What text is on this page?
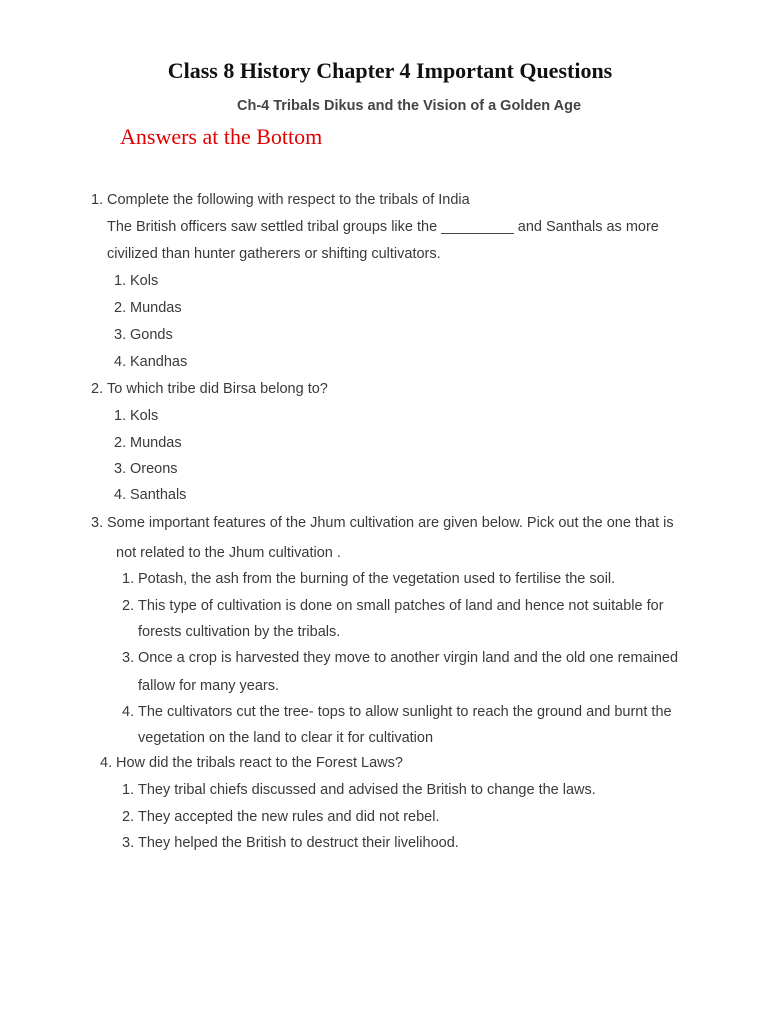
Class 8 History Chapter 4 Important Questions
Ch-4 Tribals Dikus and the Vision of a Golden Age
Answers at the Bottom
1. Complete the following with respect to the tribals of India
The British officers saw settled tribal groups like the _________ and Santhals as more
civilized than hunter gatherers or shifting cultivators.
1. Kols
2. Mundas
3. Gonds
4. Kandhas
2. To which tribe did Birsa belong to?
1. Kols
2. Mundas
3. Oreons
4. Santhals
3. Some important features of the Jhum cultivation are given below. Pick out the one that is
not related to the Jhum cultivation .
1. Potash, the ash from the burning of the vegetation used to fertilise the soil.
2. This type of cultivation is done on small patches of land and hence not suitable for
forests cultivation by the tribals.
3. Once a crop is harvested they move to another virgin land and the old one remained
fallow for many years.
4. The cultivators cut the tree- tops to allow sunlight to reach the ground and burnt the
vegetation on the land to clear it for cultivation
4. How did the tribals react to the Forest Laws?
1. They tribal chiefs discussed and advised the British to change the laws.
2. They accepted the new rules and did not rebel.
3. They helped the British to destruct their livelihood.
